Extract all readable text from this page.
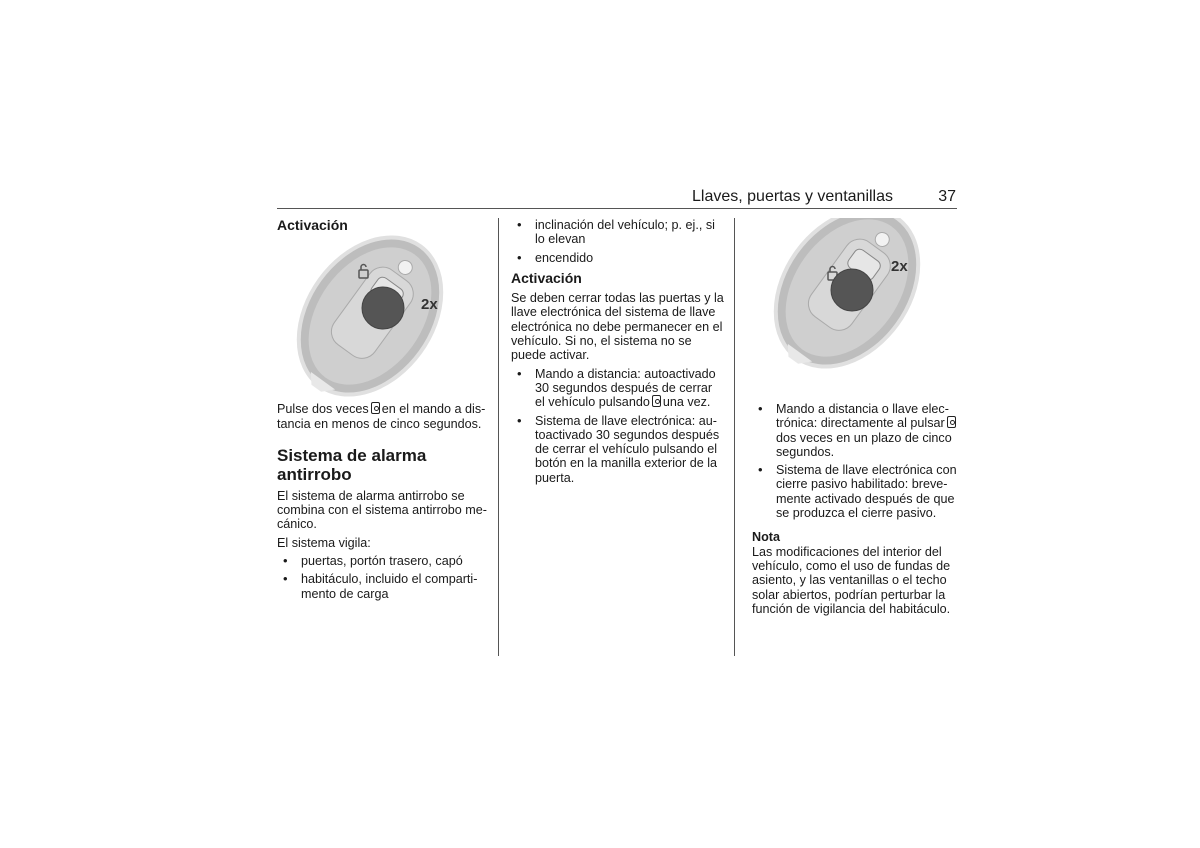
Llaves, puertas y ventanillas	37
Activación
2x

Pulse dos veces en el mando a dis-
tancia en menos de cinco segundos.

Sistema de alarma antirrobo

El sistema de alarma antirrobo se combina con el sistema antirrobo me-cánico.

El sistema vigila:

• puertas, portón trasero, capó
• habitáculo, incluido el comparti-mento de carga
• inclinación del vehículo; p. ej., si lo elevan
• encendido
Activación

Se deben cerrar todas las puertas y la llave electrónica del sistema de llave electrónica no debe permanecer en el vehículo. Si no, el sistema no se puede activar.

• Mando a distancia: autoactivado 30 segundos después de cerrar el vehículo pulsando una vez.
• Sistema de llave electrónica: au-toactivado 30 segundos después de cerrar el vehículo pulsando el botón en la manilla exterior de la puerta.
2x
• Mando a distancia o llave elec-trónica: directamente al pulsardos veces en un plazo de cinco segundos.
• Sistema de llave electrónica con cierre pasivo habilitado: breve-mente activado después de que se produzca el cierre pasivo.

Nota

Las modificaciones del interior del vehículo, como el uso de fundas de asiento, y las ventanillas o el techo solar abiertos, podrían perturbar la función de vigilancia del habitáculo.
